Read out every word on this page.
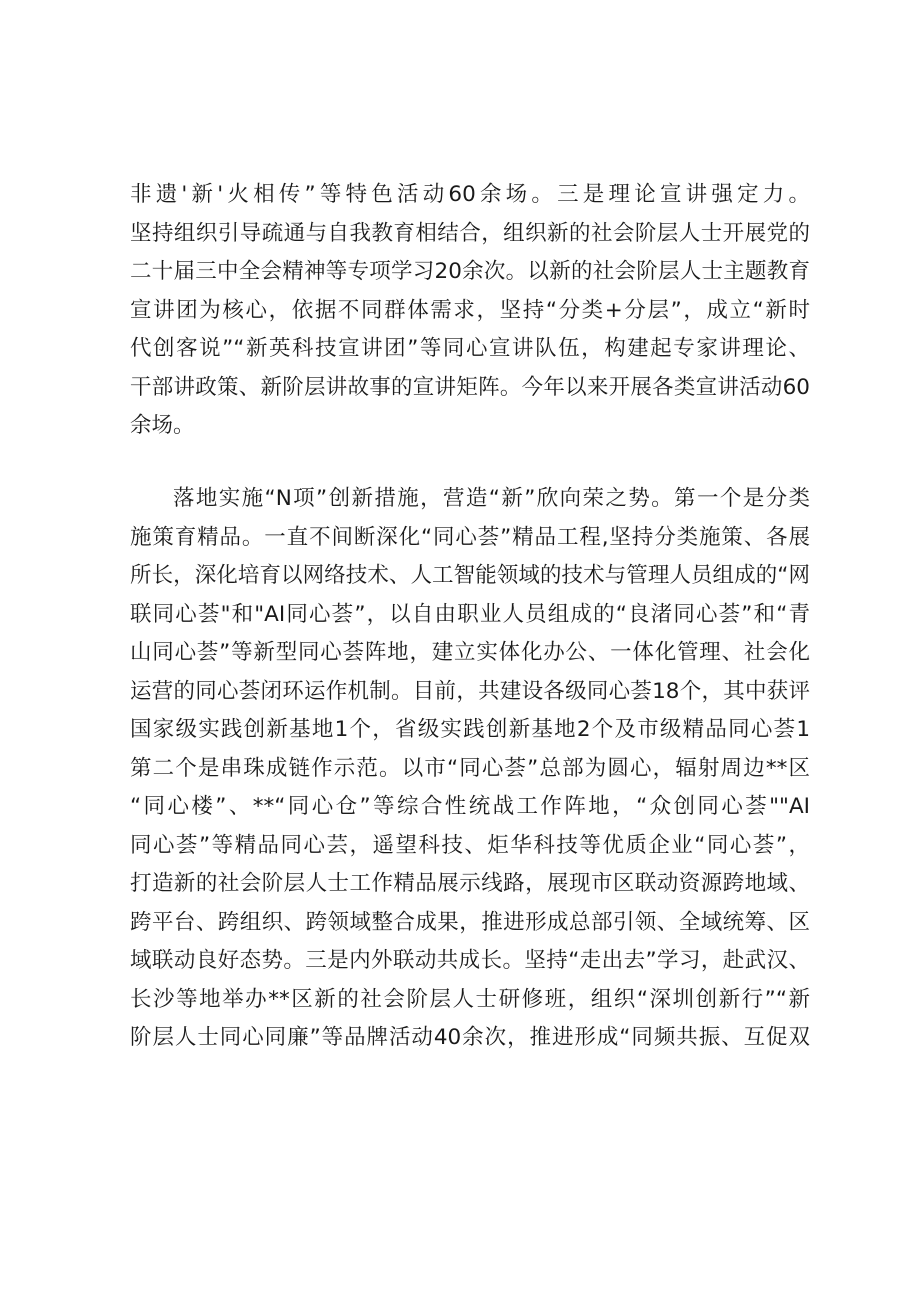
非遗'新'火相传”等特色活动60余场。三是理论宣讲强定力。
坚持组织引导疏通与自我教育相结合，组织新的社会阶层人士开展党的
二十届三中全会精神等专项学习20余次。以新的社会阶层人士主题教育
宣讲团为核心，依据不同群体需求，坚持“分类+分层”，成立“新时
代创客说”“新英科技宣讲团”等同心宣讲队伍，构建起专家讲理论、
干部讲政策、新阶层讲故事的宣讲矩阵。今年以来开展各类宣讲活动60
余场。
落地实施“N项”创新措施，营造“新”欣向荣之势。第一个是分类
施策育精品。一直不间断深化“同心荟”精品工程,坚持分类施策、各展
所长，深化培育以网络技术、人工智能领域的技术与管理人员组成的“网
联同心荟"和"AI同心荟”，以自由职业人员组成的“良渚同心荟”和“青
山同心荟”等新型同心荟阵地，建立实体化办公、一体化管理、社会化
运营的同心荟闭环运作机制。目前，共建设各级同心荟18个，其中获评
国家级实践创新基地1个，省级实践创新基地2个及市级精品同心荟1
第二个是串珠成链作示范。以市“同心荟”总部为圆心，辐射周边**区
“同心楼”、**“同心仓”等综合性统战工作阵地，“众创同心荟""AI
同心荟”等精品同心芸，遥望科技、炬华科技等优质企业“同心荟”，
打造新的社会阶层人士工作精品展示线路，展现市区联动资源跨地域、
跨平台、跨组织、跨领域整合成果，推进形成总部引领、全域统筹、区
域联动良好态势。三是内外联动共成长。坚持“走出去”学习，赴武汉、
长沙等地举办**区新的社会阶层人士研修班，组织“深圳创新行”“新
阶层人士同心同廉”等品牌活动40余次，推进形成“同频共振、互促双
